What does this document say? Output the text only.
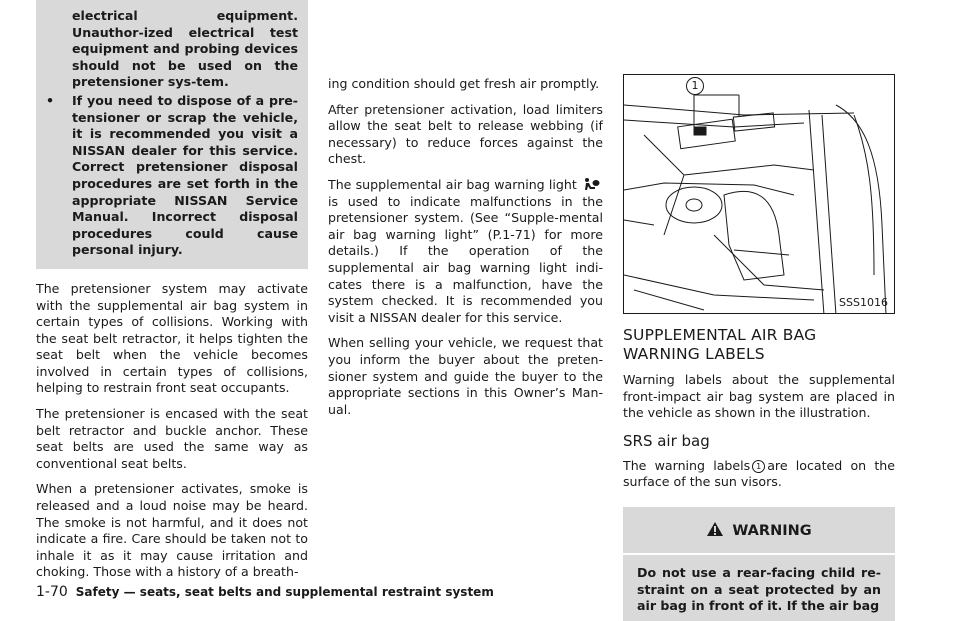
electrical equipment. Unauthor-ized electrical test equipment and probing devices should not be used on the pretensioner sys-tem.

•	If you need to dispose of a pre-tensioner or scrap the vehicle, it is recommended you visit a NISSAN dealer for this service. Correct pretensioner disposal procedures are set forth in the appropriate NISSAN Service Manual. Incorrect disposal procedures could cause personal injury.

The pretensioner system may activate with the supplemental air bag system in certain types of collisions. Working with the seat belt retractor, it helps tighten the seat belt when the vehicle becomes involved in certain types of collisions, helping to restrain front seat occupants.

The pretensioner is encased with the seat belt retractor and buckle anchor. These seat belts are used the same way as conventional seat belts.

When a pretensioner activates, smoke is released and a loud noise may be heard. The smoke is not harmful, and it does not indicate a fire. Care should be taken not to inhale it as it may cause irritation and choking. Those with a history of a breath-

ing condition should get fresh air promptly.

After pretensioner activation, load limiters allow the seat belt to release webbing (if necessary) to reduce forces against the chest.

The supplemental air bag warning light  is used to indicate malfunctions in the pretensioner system. (See “Supple-mental air bag warning light” (P.1-71) for more details.) If the operation of the supplemental air bag warning light indi-cates there is a malfunction, have the system checked. It is recommended you visit a NISSAN dealer for this service.

When selling your vehicle, we request that you inform the buyer about the preten-sioner system and guide the buyer to the appropriate sections in this Owner’s Man-ual.

1
SSS1016
SUPPLEMENTAL AIR BAG WARNING LABELS

Warning labels about the supplemental front-impact air bag system are placed in the vehicle as shown in the illustration.

SRS air bag

The warning labels 1 are located on the surface of the sun visors.

WARNING

Do not use a rear-facing child re-straint on a seat protected by an air bag in front of it. If the air bag

1-70 Safety — seats, seat belts and supplemental restraint system
